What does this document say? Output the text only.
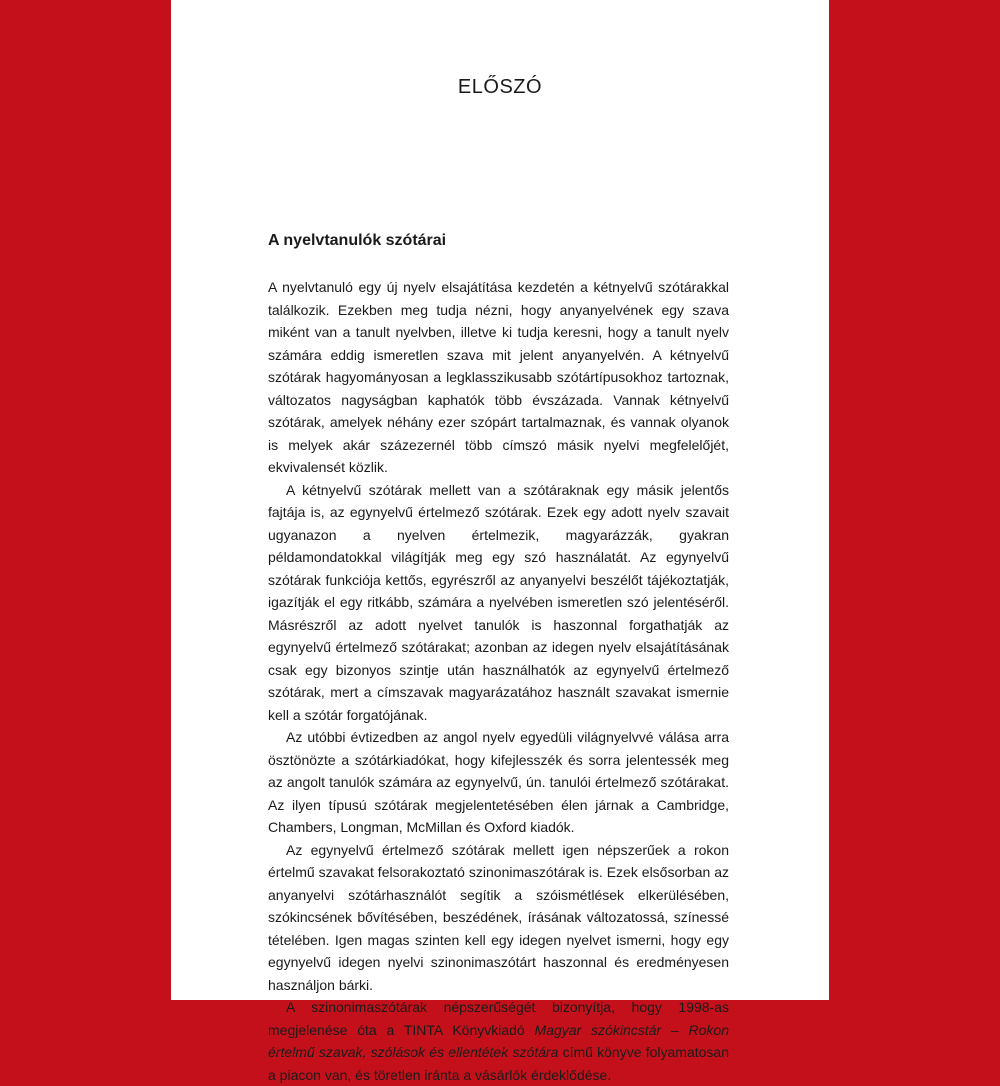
ELŐSZÓ
A nyelvtanulók szótárai

A nyelvtanuló egy új nyelv elsajátítása kezdetén a kétnyelvű szótárakkal találkozik. Ezekben meg tudja nézni, hogy anyanyelvének egy szava miként van a tanult nyelvben, illetve ki tudja keresni, hogy a tanult nyelv számára eddig ismeretlen szava mit jelent anyanyelvén. A kétnyelvű szótárak hagyományosan a legklasszikusabb szótártípusokhoz tartoznak, változatos nagyságban kaphatók több évszázada. Vannak kétnyelvű szótárak, amelyek néhány ezer szópárt tartalmaznak, és vannak olyanok is melyek akár százezernél több címszó másik nyelvi megfelelőjét, ekvivalensét közlik.

A kétnyelvű szótárak mellett van a szótáraknak egy másik jelentős fajtája is, az egynyelvű értelmező szótárak. Ezek egy adott nyelv szavait ugyanazon a nyelven értelmezik, magyarázzák, gyakran példamondatokkal világítják meg egy szó használatát. Az egynyelvű szótárak funkciója kettős, egyrészről az anyanyelvi beszélőt tájékoztatják, igazítják el egy ritkább, számára a nyelvében ismeretlen szó jelentéséről. Másrészről az adott nyelvet tanulók is haszonnal forgathatják az egynyelvű értelmező szótárakat; azonban az idegen nyelv elsajátításának csak egy bizonyos szintje után használhatók az egynyelvű értelmező szótárak, mert a címszavak magyarázatához használt szavakat ismernie kell a szótár forgatójának.

Az utóbbi évtizedben az angol nyelv egyedüli világnyelvvé válása arra ösztönözte a szótárkiadókat, hogy kifejlesszék és sorra jelentessék meg az angolt tanulók számára az egynyelvű, ún. tanulói értelmező szótárakat. Az ilyen típusú szótárak megjelentetésében élen járnak a Cambridge, Chambers, Longman, McMillan és Oxford kiadók.

Az egynyelvű értelmező szótárak mellett igen népszerűek a rokon értelmű szavakat felsorakoztató szinonimaszótárak is. Ezek elsősorban az anyanyelvi szótárhasználót segítik a szóismétlések elkerülésében, szókincsének bővítésében, beszédének, írásának változatossá, színessé tételében. Igen magas szinten kell egy idegen nyelvet ismerni, hogy egy egynyelvű idegen nyelvi szinonimaszótárt haszonnal és eredményesen használjon bárki.

A szinonimaszótárak népszerűségét bizonyítja, hogy 1998-as megjelenése óta a TINTA Könyvkiadó Magyar szókincstár – Rokon értelmű szavak, szólások és ellentétek szótára című könyve folyamatosan a piacon van, és töretlen iránta a vásárlók érdeklődése.
